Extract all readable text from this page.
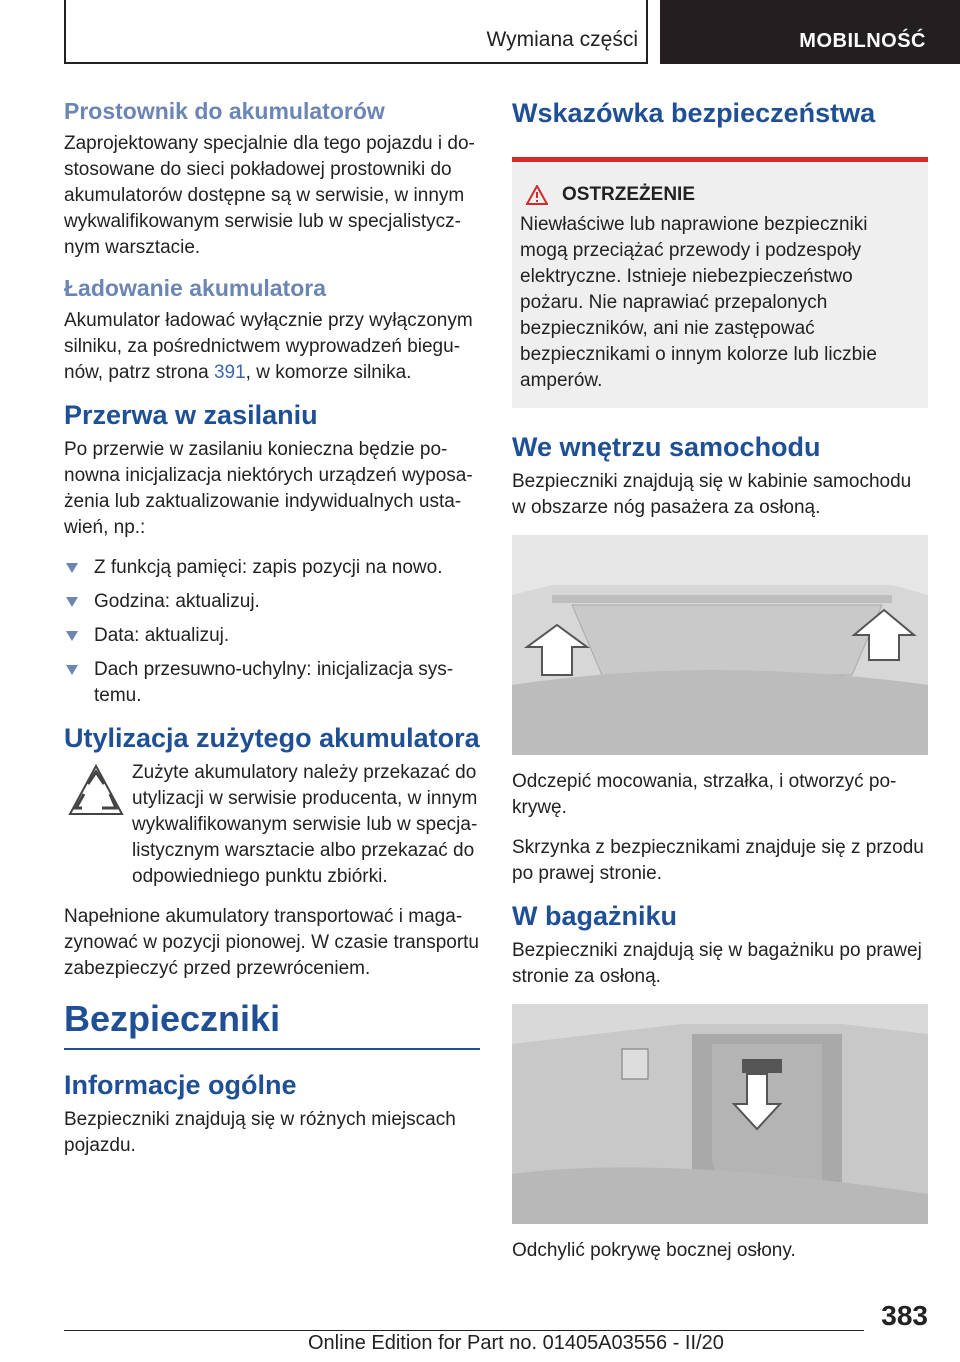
Wymiana części	MOBILNOŚĆ
Prostownik do akumulatorów

Zaprojektowany specjalnie dla tego pojazdu i dostosowane do sieci pokładowej prostowniki do akumulatorów dostępne są w serwisie, w innym wykwalifikowanym serwisie lub w specjalistycznym warsztacie.

Ładowanie akumulatora

Akumulator ładować wyłącznie przy wyłączonym silniku, za pośrednictwem wyprowadzeń biegunów, patrz strona 391, w komorze silnika.

Przerwa w zasilaniu

Po przerwie w zasilaniu konieczna będzie ponowna inicjalizacja niektórych urządzeń wyposażenia lub zaktualizowanie indywidualnych ustawień, np.:

Z funkcją pamięci: zapis pozycji na nowo.
Godzina: aktualizuj.
Data: aktualizuj.
Dach przesuwno-uchylny: inicjalizacja systemu.
Utylizacja zużytego akumulatora

Zużyte akumulatory należy przekazać do utylizacji w serwisie producenta, w innym wykwalifikowanym serwisie lub w specjalistycznym warsztacie albo przekazać do odpowiedniego punktu zbiórki.

Napełnione akumulatory transportować i magazynować w pozycji pionowej. W czasie transportu zabezpieczyć przed przewróceniem.

Bezpieczniki
Informacje ogólne

Bezpieczniki znajdują się w różnych miejscach pojazdu.

Wskazówka bezpieczeństwa
OSTRZEŻENIE

Niewłaściwe lub naprawione bezpieczniki mogą przeciążać przewody i podzespoły elektryczne. Istnieje niebezpieczeństwo pożaru. Nie naprawiać przepalonych bezpieczników, ani nie zastępować bezpiecznikami o innym kolorze lub liczbie amperów.

We wnętrzu samochodu

Bezpieczniki znajdują się w kabinie samochodu w obszarze nóg pasażera za osłoną.

Odczepić mocowania, strzałka, i otworzyć pokrywę.

Skrzynka z bezpiecznikami znajduje się z przodu po prawej stronie.

W bagażniku

Bezpieczniki znajdują się w bagażniku po prawej stronie za osłoną.

Odchylić pokrywę bocznej osłony.

383
Online Edition for Part no. 01405A03556 - II/20
